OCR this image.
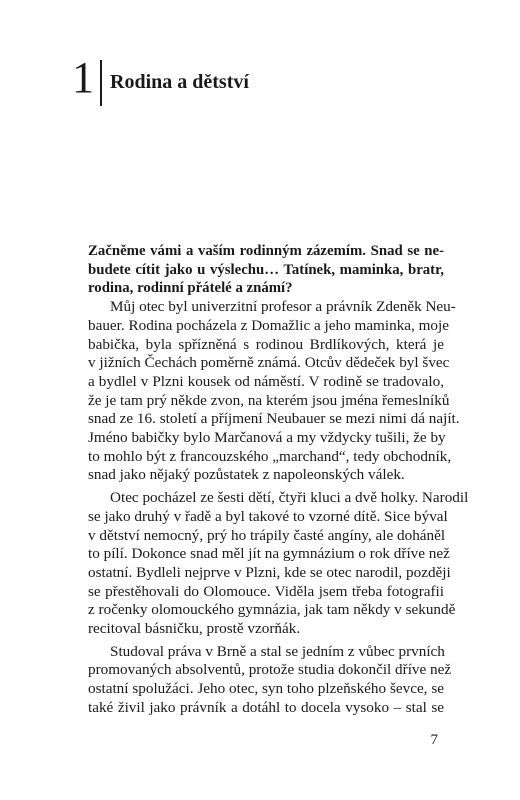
1 Rodina a dětství
Začněme vámi a vaším rodinným zázemím. Snad se ne-
budete cítit jako u výslechu… Tatínek, maminka, bratr,
rodina, rodinní přátelé a známí?
Můj otec byl univerzitní profesor a právník Zdeněk Neu-
bauer. Rodina pocházela z Domažlic a jeho maminka, moje
babička, byla spřízněná s rodinou Brdlíkových, která je
v jižních Čechách poměrně známá. Otcův dědeček byl švec
a bydlel v Plzni kousek od náměstí. V rodině se tradovalo,
že je tam prý někde zvon, na kterém jsou jména řemeslníků
snad ze 16. století a příjmení Neubauer se mezi nimi dá najít.
Jméno babičky bylo Marčanová a my vždycky tušili, že by
to mohlo být z francouzského „marchand“, tedy obchodník,
snad jako nějaký pozůstatek z napoleonských válek.
Otec pocházel ze šesti dětí, čtyři kluci a dvě holky. Narodil
se jako druhý v řadě a byl takové to vzorné dítě. Sice býval
v dětství nemocný, prý ho trápily časté angíny, ale doháněl
to pílí. Dokonce snad měl jít na gymnázium o rok dříve než
ostatní. Bydleli nejprve v Plzni, kde se otec narodil, později
se přestěhovali do Olomouce. Viděla jsem třeba fotografii
z ročenky olomouckého gymnázia, jak tam někdy v sekundě
recitoval básničku, prostě vzorňák.
Studoval práva v Brně a stal se jedním z vůbec prvních
promovaných absolventů, protože studia dokončil dříve než
ostatní spolužáci. Jeho otec, syn toho plzeňského ševce, se
také živil jako právník a dotáhl to docela vysoko – stal se
7
